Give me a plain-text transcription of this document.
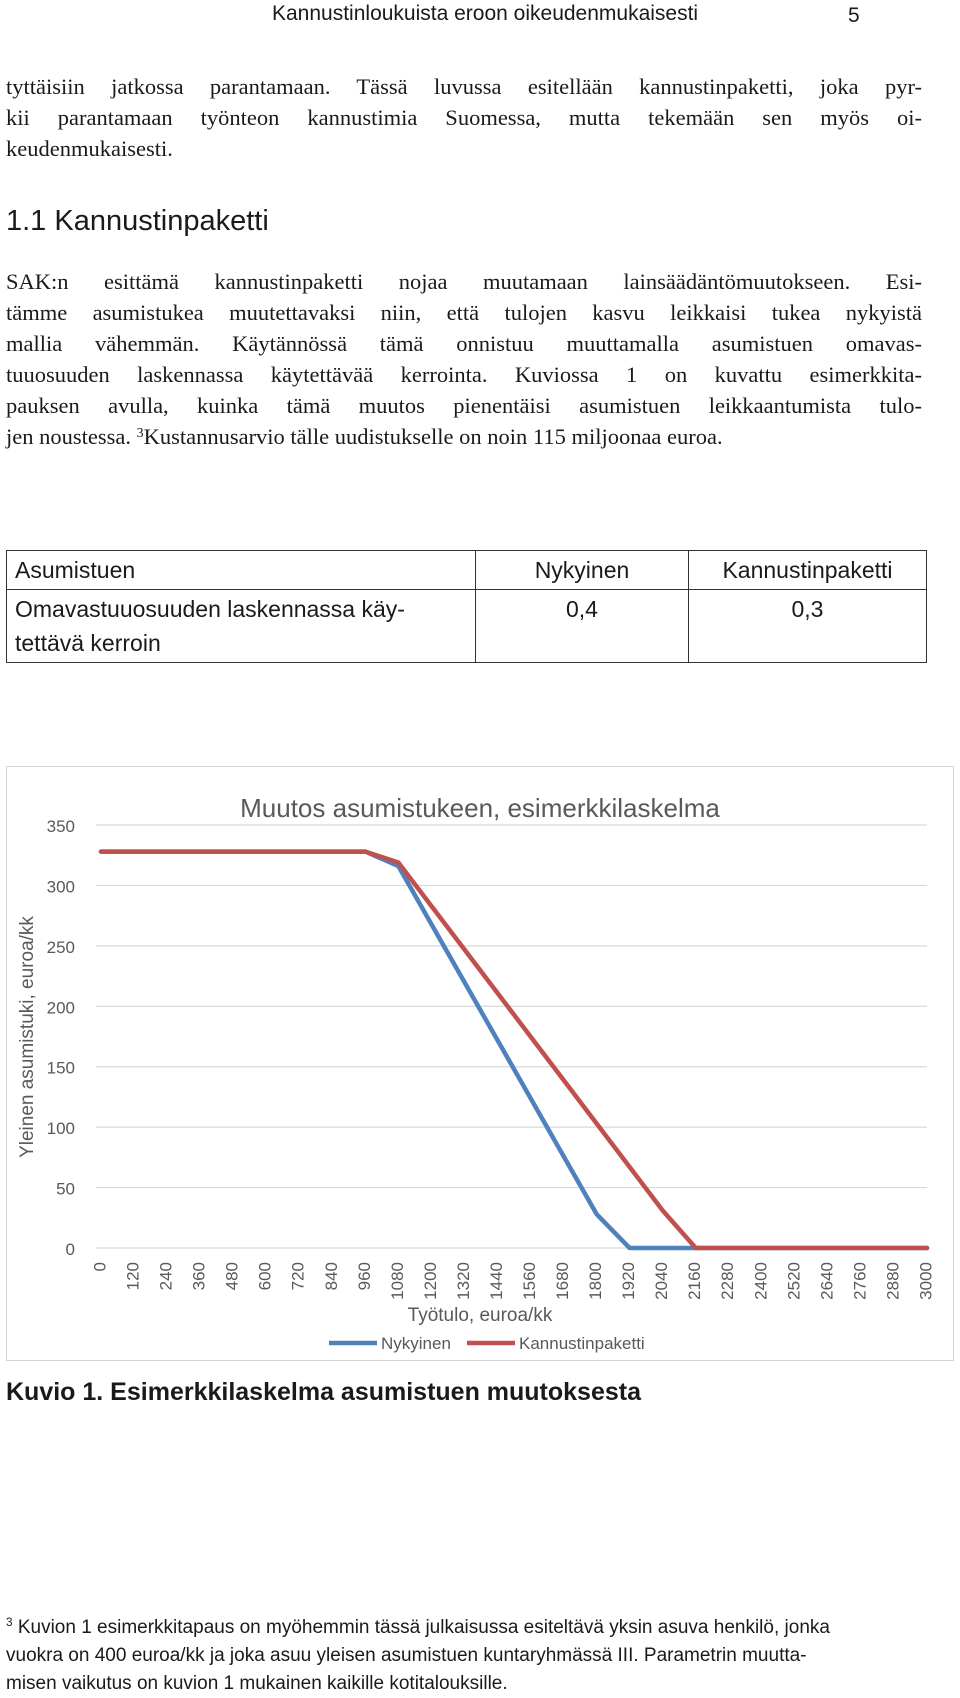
Kannustinloukuista eroon oikeudenmukaisesti	5
tyttäisiin jatkossa parantamaan. Tässä luvussa esitellään kannustinpaketti, joka pyr-
kii parantamaan työnteon kannustimia Suomessa, mutta tekemään sen myös oi-
keudenmukaisesti.
1.1 Kannustinpaketti
SAK:n esittämä kannustinpaketti nojaa muutamaan lainsäädäntömuutokseen. Esi-
tämme asumistukea muutettavaksi niin, että tulojen kasvu leikkaisi tukea nykyistä
mallia vähemmän. Käytännössä tämä onnistuu muuttamalla asumistuen omavas-
tuuosuuden laskennassa käytettävää kerrointa. Kuviossa 1 on kuvattu esimerkkita-
pauksen avulla, kuinka tämä muutos pienentäisi asumistuen leikkaantumista tulo-
jen noustessa. $^3$Kustannusarvio tälle uudistukselle on noin 115 miljoonaa euroa.
Asumistuen	Nykyinen	Kannustinpaketti
Omavastuuosuuden laskennassa käy-
tettävä kerroin	0,4	0,3
0
50
100
150
200
250
300
350
Muutos asumistukeen, esimerkkilaskelma
0 120 240 360 480 600 720 840 960 1080 1200 1320 1440 1560 1680 1800 1920 2040 2160 2280 2400 2520 2640 2760 2880 3000
Työtulo, euroa/kk
Yleinen asumistuki, euroa/kk
Nykyinen	Kannustinpaketti
Kuvio 1. Esimerkkilaskelma asumistuen muutoksesta
$^3$ Kuvion 1 esimerkkitapaus on myöhemmin tässä julkaisussa esiteltävä yksin asuva henkilö, jonka
vuokra on 400 euroa/kk ja joka asuu yleisen asumistuen kuntaryhmässä III. Parametrin muutta-
misen vaikutus on kuvion 1 mukainen kaikille kotitalouksille.
